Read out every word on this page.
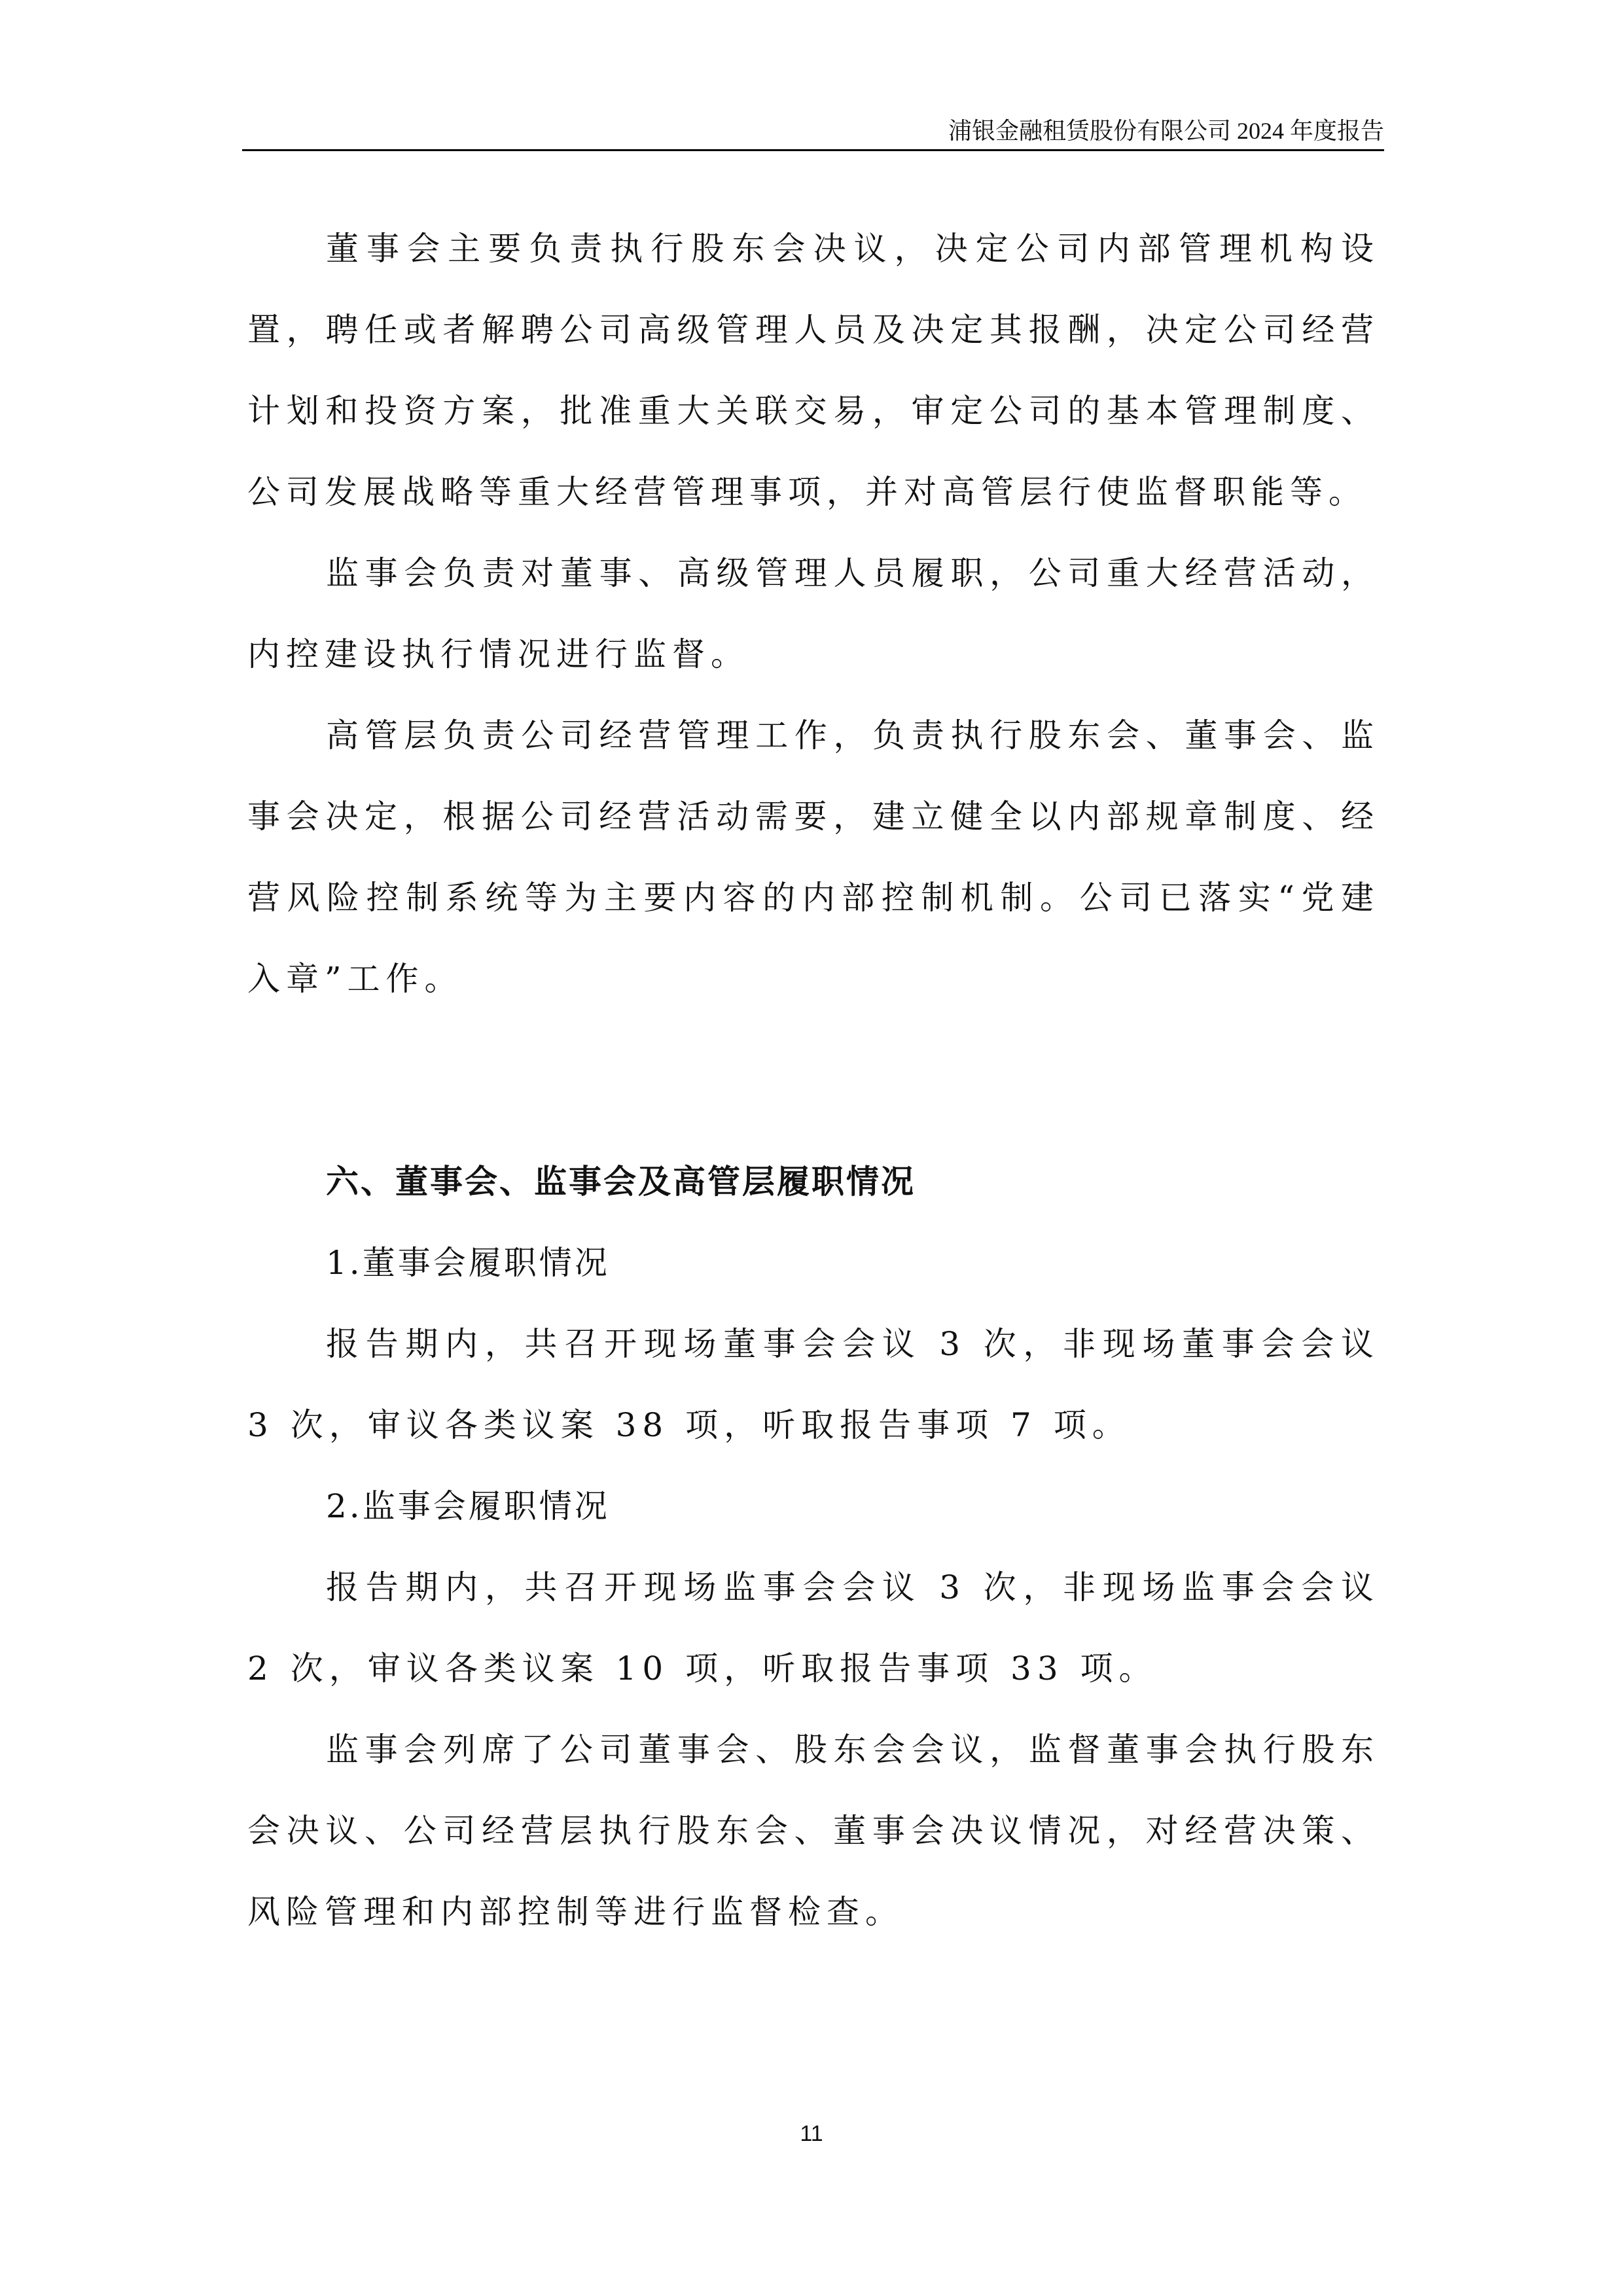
浦银金融租赁股份有限公司 2024 年度报告

董事会主要负责执行股东会决议，决定公司内部管理机构设置，聘任或者解聘公司高级管理人员及决定其报酬，决定公司经营计划和投资方案，批准重大关联交易，审定公司的基本管理制度、公司发展战略等重大经营管理事项，并对高管层行使监督职能等。

监事会负责对董事、高级管理人员履职，公司重大经营活动，内控建设执行情况进行监督。

高管层负责公司经营管理工作，负责执行股东会、董事会、监事会决定，根据公司经营活动需要，建立健全以内部规章制度、经营风险控制系统等为主要内容的内部控制机制。公司已落实“党建入章”工作。

六、董事会、监事会及高管层履职情况

1.董事会履职情况

报告期内，共召开现场董事会会议 3 次，非现场董事会会议 3 次，审议各类议案 38 项，听取报告事项 7 项。

2.监事会履职情况

报告期内，共召开现场监事会会议 3 次，非现场监事会会议 2 次，审议各类议案 10 项，听取报告事项 33 项。

监事会列席了公司董事会、股东会会议，监督董事会执行股东会决议、公司经营层执行股东会、董事会决议情况，对经营决策、风险管理和内部控制等进行监督检查。

11
